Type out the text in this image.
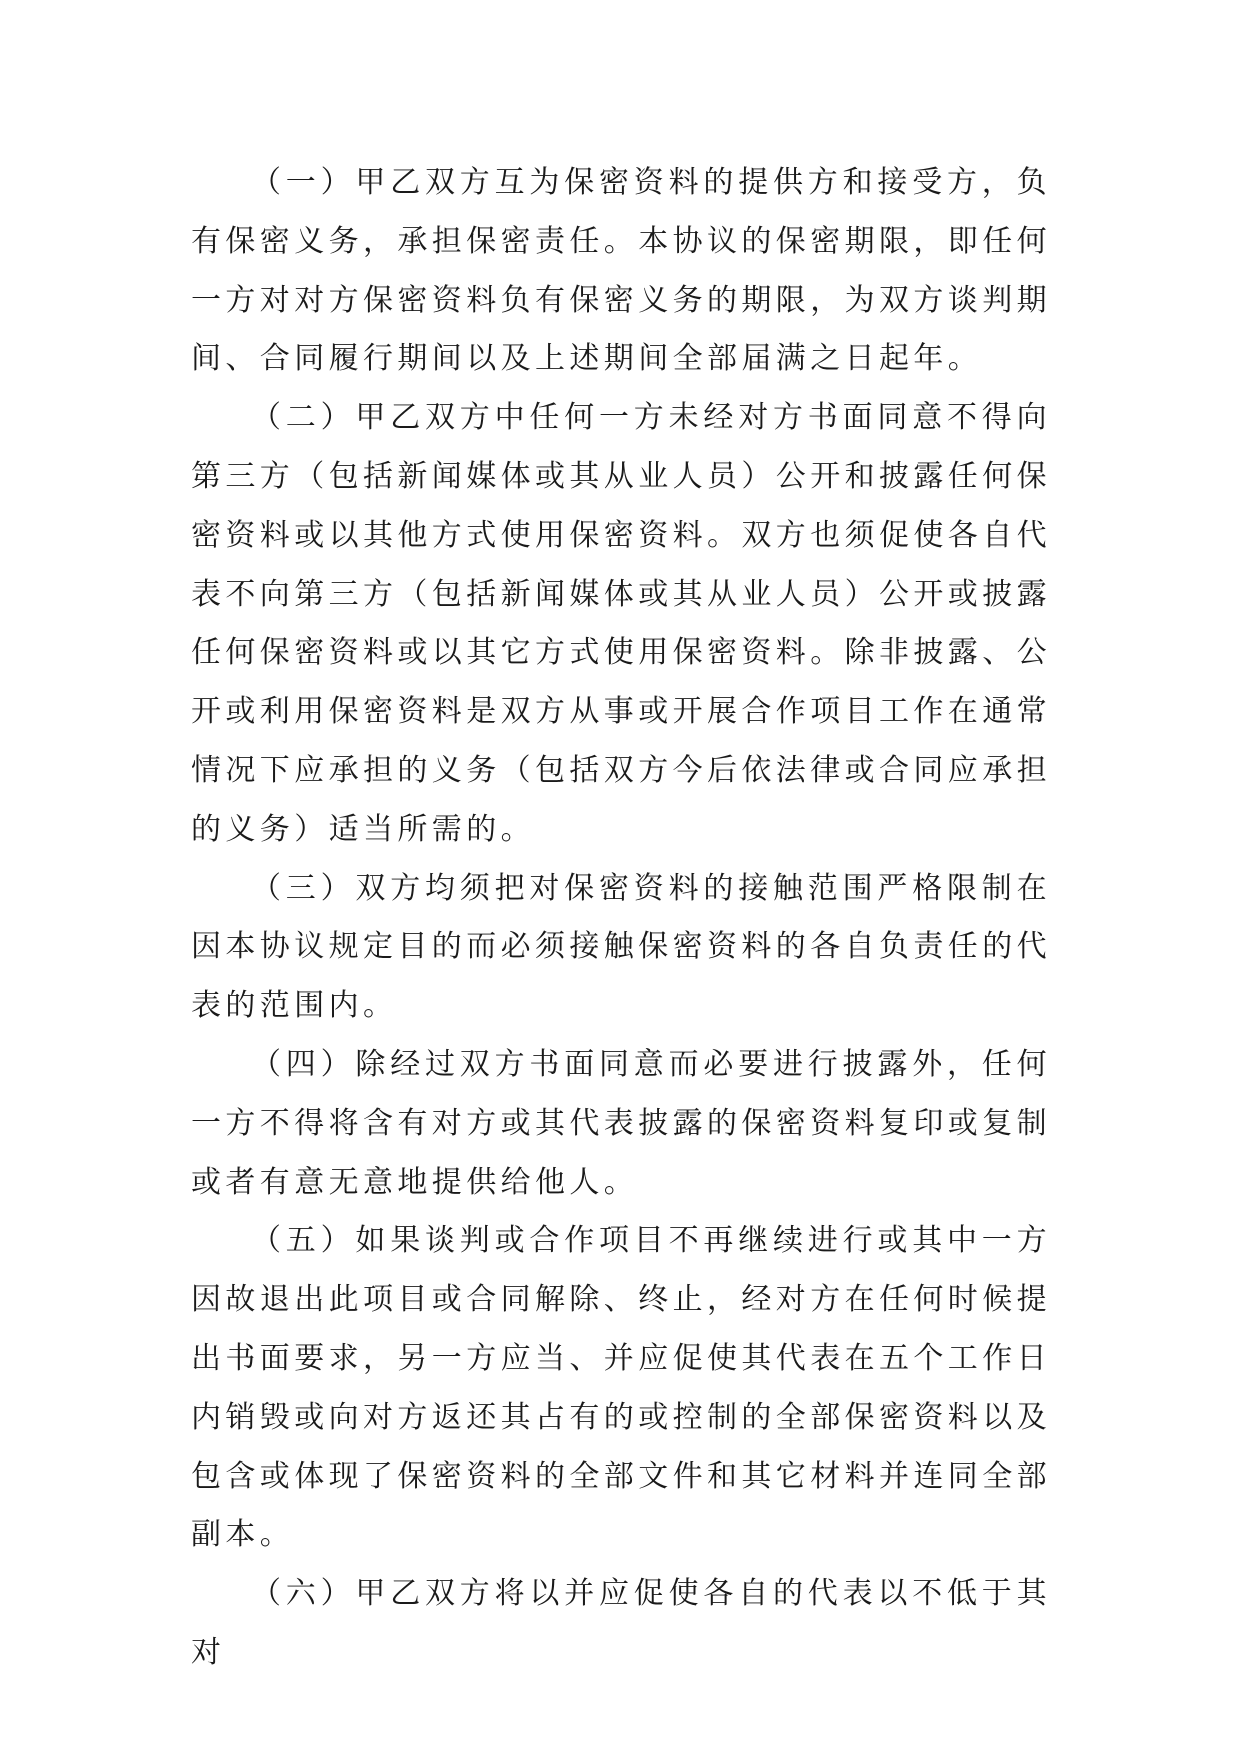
（一）甲乙双方互为保密资料的提供方和接受方，负有保密义务，承担保密责任。本协议的保密期限，即任何一方对对方保密资料负有保密义务的期限，为双方谈判期间、合同履行期间以及上述期间全部届满之日起年。

（二）甲乙双方中任何一方未经对方书面同意不得向第三方（包括新闻媒体或其从业人员）公开和披露任何保密资料或以其他方式使用保密资料。双方也须促使各自代表不向第三方（包括新闻媒体或其从业人员）公开或披露任何保密资料或以其它方式使用保密资料。除非披露、公开或利用保密资料是双方从事或开展合作项目工作在通常情况下应承担的义务（包括双方今后依法律或合同应承担的义务）适当所需的。

（三）双方均须把对保密资料的接触范围严格限制在因本协议规定目的而必须接触保密资料的各自负责任的代表的范围内。

（四）除经过双方书面同意而必要进行披露外，任何一方不得将含有对方或其代表披露的保密资料复印或复制或者有意无意地提供给他人。

（五）如果谈判或合作项目不再继续进行或其中一方因故退出此项目或合同解除、终止，经对方在任何时候提出书面要求，另一方应当、并应促使其代表在五个工作日内销毁或向对方返还其占有的或控制的全部保密资料以及包含或体现了保密资料的全部文件和其它材料并连同全部副本。

（六）甲乙双方将以并应促使各自的代表以不低于其对
